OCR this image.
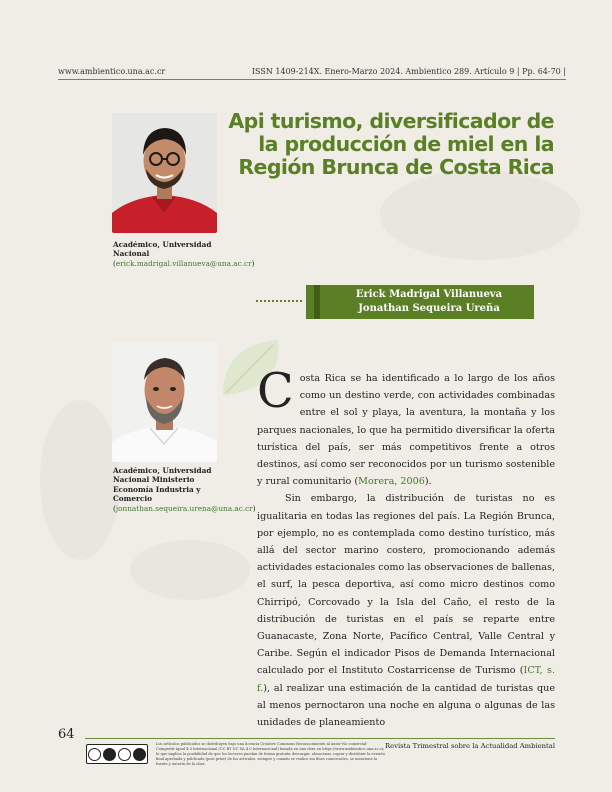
www.ambientico.una.ac.cr	ISSN 1409-214X. Enero-Marzo 2024. Ambientico 289. Artículo 9 | Pp. 64-70 |
Api turismo, diversificador de la producción de miel en la Región Brunca de Costa Rica
Académico, Universidad Nacional (erick.madrigal.villanueva@una.ac.cr)
Erick Madrigal Villanueva
Jonathan Sequeira Ureña
Académico, Universidad Nacional Ministerio Economía Industria y Comercio (jonnathan.sequeira.urena@una.ac.cr)

Costa Rica se ha identificado a lo largo de los años como un destino verde, con actividades combinadas entre el sol y playa, la aventura, la montaña y los parques nacionales, lo que ha permitido diversificar la oferta turística del país, ser más competitivos frente a otros destinos, así como ser reconocidos por un turismo sostenible y rural comunitario (Morera, 2006).

Sin embargo, la distribución de turistas no es igualitaria en todas las regiones del país. La Región Brunca, por ejemplo, no es contemplada como destino turístico, más allá del sector marino costero, promocionando además actividades estacionales como las observaciones de ballenas, el surf, la pesca deportiva, así como micro destinos como Chirripó, Corcovado y la Isla del Caño, el resto de la distribución de turistas en el país se reparte entre Guanacaste, Zona Norte, Pacífico Central, Valle Central y Caribe. Según el indicador Pisos de Demanda Internacional calculado por el Instituto Costarricense de Turismo (ICT, s. f.), al realizar una estimación de la cantidad de turistas que al menos pernoctaron una noche en alguna o algunas de las unidades de planeamiento

64
Los artículos publicados se distribuyen bajo una licencia Creative Commons Reconocimiento al autor-No comercial-Compartir igual 4.0 Internacional (CC BY NC SA 4.0 Internacional) basada en una obra en https://www.ambientico.una.ac.cr, lo que implica la posibilidad de que los lectores puedan de forma gratuita descargar, almacenar, copiar y distribuir la versión final aprobada y publicada (post print) de los artículos, siempre y cuando se realice sin fines comerciales, se mencione la fuente y autoría de la obra.
Revista Trimestral sobre la Actualidad Ambiental
